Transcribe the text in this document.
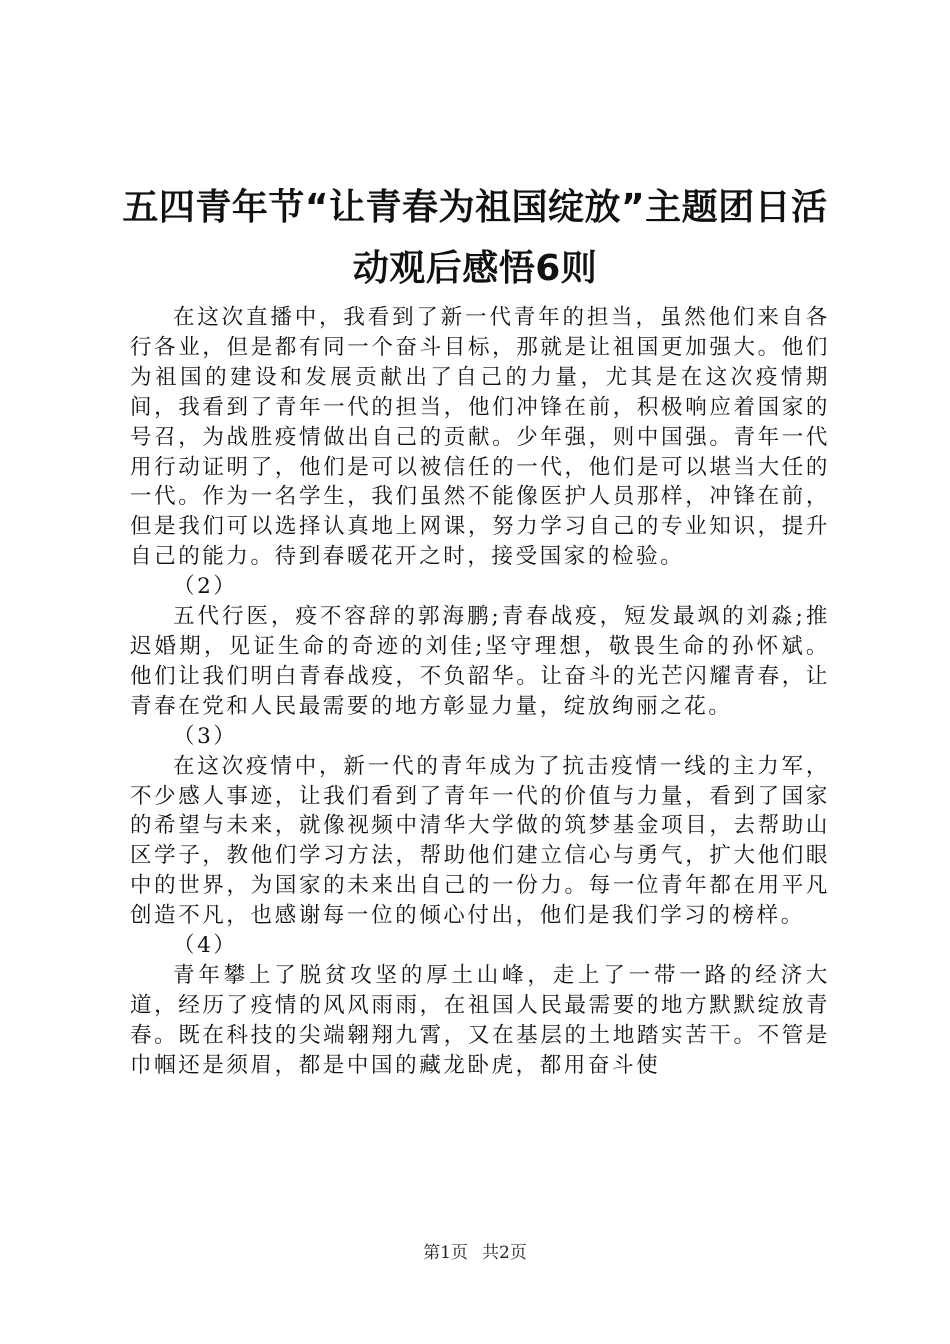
五四青年节“让青春为祖国绽放”主题团日活
动观后感悟6则

在这次直播中，我看到了新一代青年的担当，虽然他们来自各行各业，但是都有同一个奋斗目标，那就是让祖国更加强大。他们为祖国的建设和发展贡献出了自己的力量，尤其是在这次疫情期间，我看到了青年一代的担当，他们冲锋在前，积极响应着国家的号召，为战胜疫情做出自己的贡献。少年强，则中国强。青年一代用行动证明了，他们是可以被信任的一代，他们是可以堪当大任的一代。作为一名学生，我们虽然不能像医护人员那样，冲锋在前，但是我们可以选择认真地上网课，努力学习自己的专业知识，提升自己的能力。待到春暖花开之时，接受国家的检验。

（2）

五代行医，疫不容辞的郭海鹏;青春战疫，短发最飒的刘淼;推迟婚期，见证生命的奇迹的刘佳;坚守理想，敬畏生命的孙怀斌。他们让我们明白青春战疫，不负韶华。让奋斗的光芒闪耀青春，让青春在党和人民最需要的地方彰显力量，绽放绚丽之花。

（3）

在这次疫情中，新一代的青年成为了抗击疫情一线的主力军，不少感人事迹，让我们看到了青年一代的价值与力量，看到了国家的希望与未来，就像视频中清华大学做的筑梦基金项目，去帮助山区学子，教他们学习方法，帮助他们建立信心与勇气，扩大他们眼中的世界，为国家的未来出自己的一份力。每一位青年都在用平凡创造不凡，也感谢每一位的倾心付出，他们是我们学习的榜样。

（4）

青年攀上了脱贫攻坚的厚土山峰，走上了一带一路的经济大道，经历了疫情的风风雨雨，在祖国人民最需要的地方默默绽放青春。既在科技的尖端翱翔九霄，又在基层的土地踏实苦干。不管是巾帼还是须眉，都是中国的藏龙卧虎，都用奋斗使

第1页 共2页
